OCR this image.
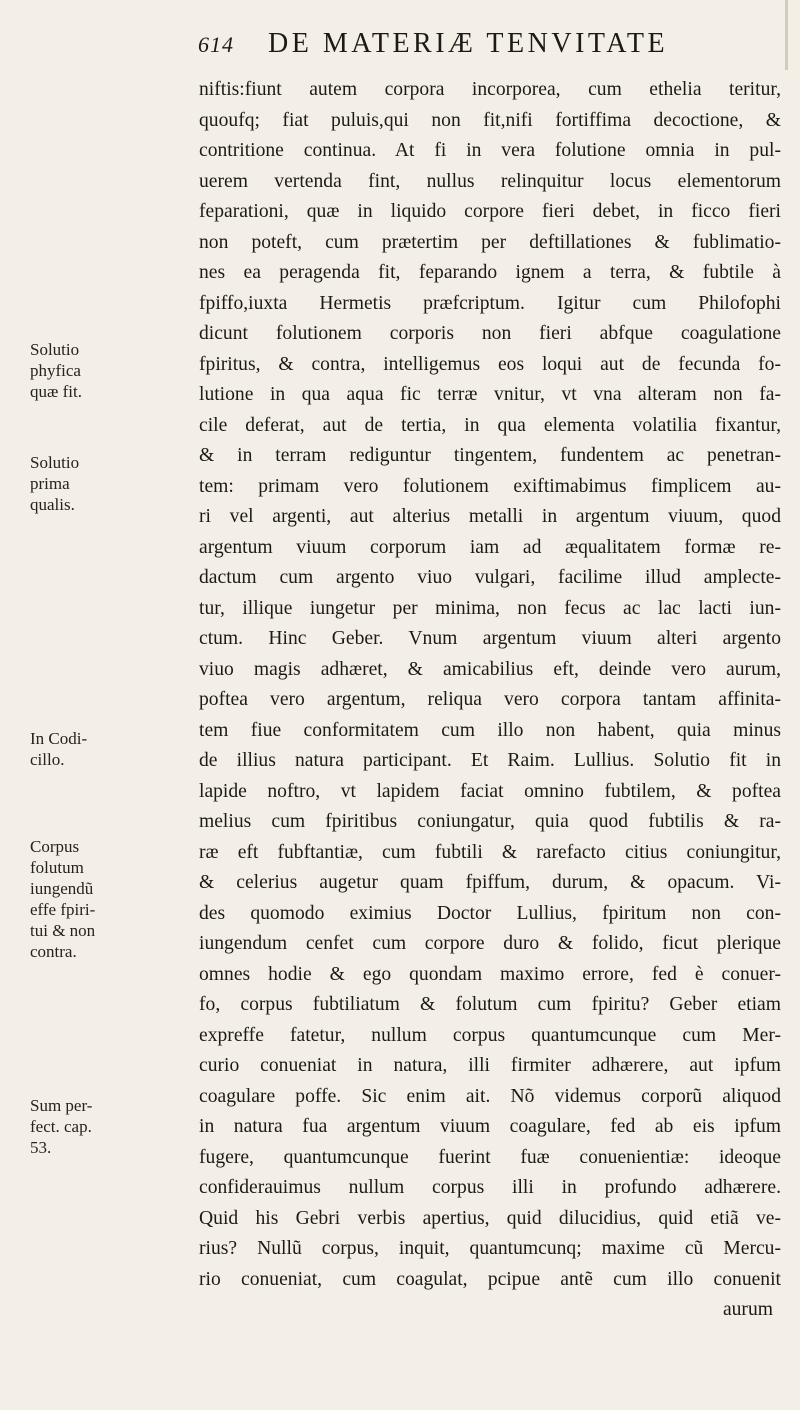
614 DE MATERIÆ TENVITATE
Solutio
phyfica
quæ fit.
Solutio
prima
qualis.
In Codi-
cillo.
Corpus
folutum
iungendũ
effe fpiri-
tui & non
contra.
Sum per-
fect. cap.
53.
niftis:fiunt autem corpora incorporea, cum ethelia teritur,
quoufq; fiat puluis,qui non fit,nifi fortiffima decoctione, &
contritione continua. At fi in vera folutione omnia in pul-
uerem vertenda fint, nullus relinquitur locus elementorum
feparationi, quæ in liquido corpore fieri debet, in ficco fieri
non poteft, cum prætertim per deftillationes & fublimatio-
nes ea peragenda fit, feparando ignem a terra, & fubtile à
fpiffo,iuxta Hermetis præfcriptum. Igitur cum Philofophi
dicunt folutionem corporis non fieri abfque coagulatione
fpiritus, & contra, intelligemus eos loqui aut de fecunda fo-
lutione in qua aqua fic terræ vnitur, vt vna alteram non fa-
cile deferat, aut de tertia, in qua elementa volatilia fixantur,
& in terram rediguntur tingentem, fundentem ac penetran-
tem: primam vero folutionem exiftimabimus fimplicem au-
ri vel argenti, aut alterius metalli in argentum viuum, quod
argentum viuum corporum iam ad æqualitatem formæ re-
dactum cum argento viuo vulgari, facilime illud amplecte-
tur, illique iungetur per minima, non fecus ac lac lacti iun-
ctum. Hinc Geber. Vnum argentum viuum alteri argento
viuo magis adhæret, & amicabilius eft, deinde vero aurum,
poftea vero argentum, reliqua vero corpora tantam affinita-
tem fiue conformitatem cum illo non habent, quia minus
de illius natura participant. Et Raim. Lullius. Solutio fit in
lapide noftro, vt lapidem faciat omnino fubtilem, & poftea
melius cum fpiritibus coniungatur, quia quod fubtilis & ra-
ræ eft fubftantiæ, cum fubtili & rarefacto citius coniungitur,
& celerius augetur quam fpiffum, durum, & opacum. Vi-
des quomodo eximius Doctor Lullius, fpiritum non con-
iungendum cenfet cum corpore duro & folido, ficut plerique
omnes hodie & ego quondam maximo errore, fed è conuer-
fo, corpus fubtiliatum & folutum cum fpiritu? Geber etiam
expreffe fatetur, nullum corpus quantumcunque cum Mer-
curio conueniat in natura, illi firmiter adhærere, aut ipfum
coagulare poffe. Sic enim ait. Nõ videmus corporũ aliquod
in natura fua argentum viuum coagulare, fed ab eis ipfum
fugere, quantumcunque fuerint fuæ conuenientiæ: ideoque
confiderauimus nullum corpus illi in profundo adhærere.
Quid his Gebri verbis apertius, quid dilucidius, quid etiã ve-
rius? Nullũ corpus, inquit, quantumcunq; maxime cũ Mercu-
rio conueniat, cum coagulat, pcipue antẽ cum illo conuenit
aurum
